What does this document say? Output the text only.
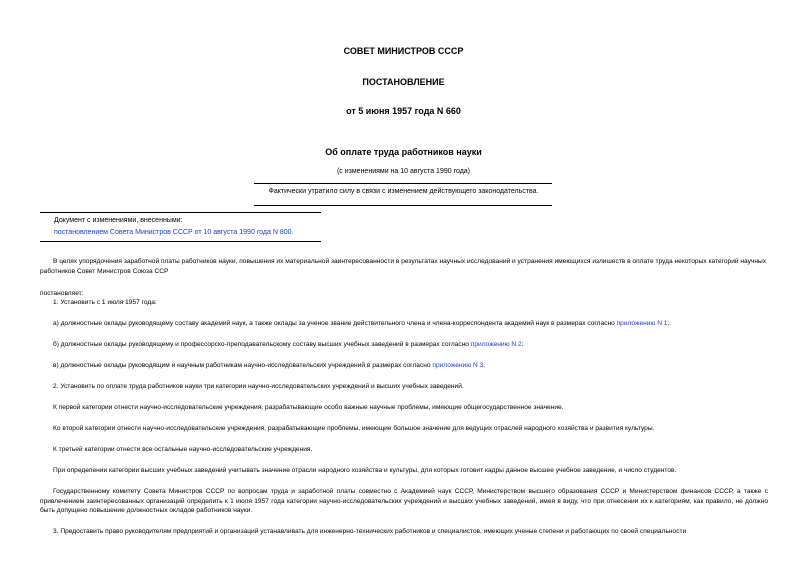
СОВЕТ МИНИСТРОВ СССР
ПОСТАНОВЛЕНИЕ
от 5 июня 1957 года N 660
Об оплате труда работников науки
(с изменениями на 10 августа 1990 года)
Фактически утратило силу в связи с изменением действующего законодательства.
Документ с изменениями, внесенными:
постановлением Совета Министров СССР от 10 августа 1990 года N 800.
В целях упорядочения заработной платы работников науки, повышения их материальной заинтересованности в результатах научных исследований и устранения имеющихся излишеств в оплате труда некоторых категорий научных работников Совет Министров Союза ССР
постановляет:
1. Установить с 1 июля 1957 года:
а) должностные оклады руководящему составу академий наук, а также оклады за ученое звание действительного члена и члена-корреспондента академий наук в размерах согласно приложению N 1;
б) должностные оклады руководящему и профессорско-преподавательскому составу высших учебных заведений в размерах согласно приложению N 2;
в) должностные оклады руководящим и научным работникам научно-исследовательских учреждений в размерах согласно приложению N 3.
2. Установить по оплате труда работников науки три категории научно-исследовательских учреждений и высших учебных заведений.
К первой категории отнести научно-исследовательские учреждения, разрабатывающие особо важные научные проблемы, имеющие общегосударственное значение.
Ко второй категории отнести научно-исследовательские учреждения, разрабатывающие проблемы, имеющие большое значение для ведущих отраслей народного хозяйства и развития культуры.
К третьей категории отнести все остальные научно-исследовательские учреждения.
При определении категории высших учебных заведений учитывать значение отрасли народного хозяйства и культуры, для которых готовит кадры данное высшее учебное заведение, и число студентов.
Государственному комитету Совета Министров СССР по вопросам труда и заработной платы совместно с Академией наук СССР, Министерством высшего образования СССР и Министерством финансов СССР, а также с привлечением заинтересованных организаций определить к 1 июля 1957 года категории научно-исследовательских учреждений и высших учебных заведений, имея в виду, что при отнесении их к категориям, как правило, не должно быть допущено повышение должностных окладов работников науки.
3. Предоставить право руководителям предприятий и организаций устанавливать для инженерно-технических работников и специалистов, имеющих ученые степени и работающих по своей специальности
